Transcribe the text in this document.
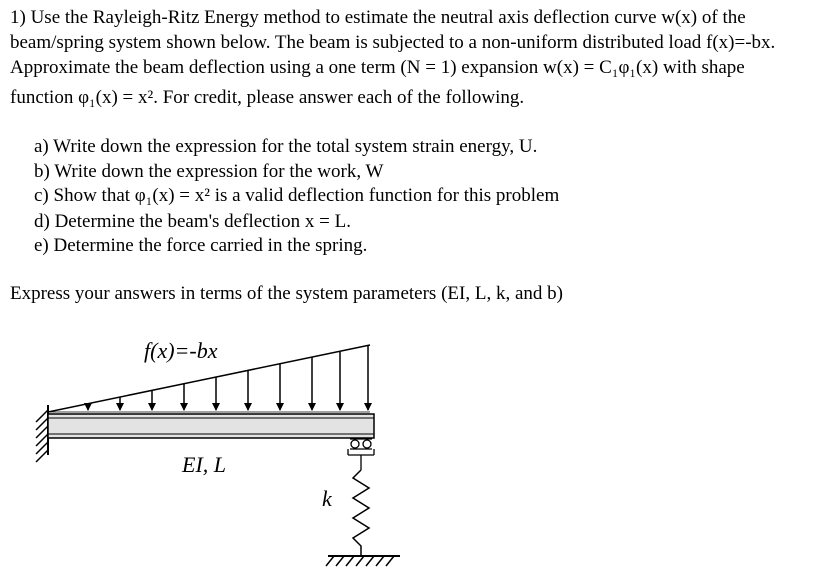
1) Use the Rayleigh-Ritz Energy method to estimate the neutral axis deflection curve w(x) of the
beam/spring system shown below. The beam is subjected to a non-uniform distributed load f(x)=-bx.
Approximate the beam deflection using a one term (N = 1) expansion w(x) = C₁φ₁(x) with shape
function φ₁(x) = x². For credit, please answer each of the following.
a) Write down the expression for the total system strain energy, U.
b) Write down the expression for the work, W
c) Show that φ₁(x) = x² is a valid deflection function for this problem
d) Determine the beam's deflection x = L.
e) Determine the force carried in the spring.
Express your answers in terms of the system parameters (EI, L, k, and b)
f(x)=-bx
EI, L
k
